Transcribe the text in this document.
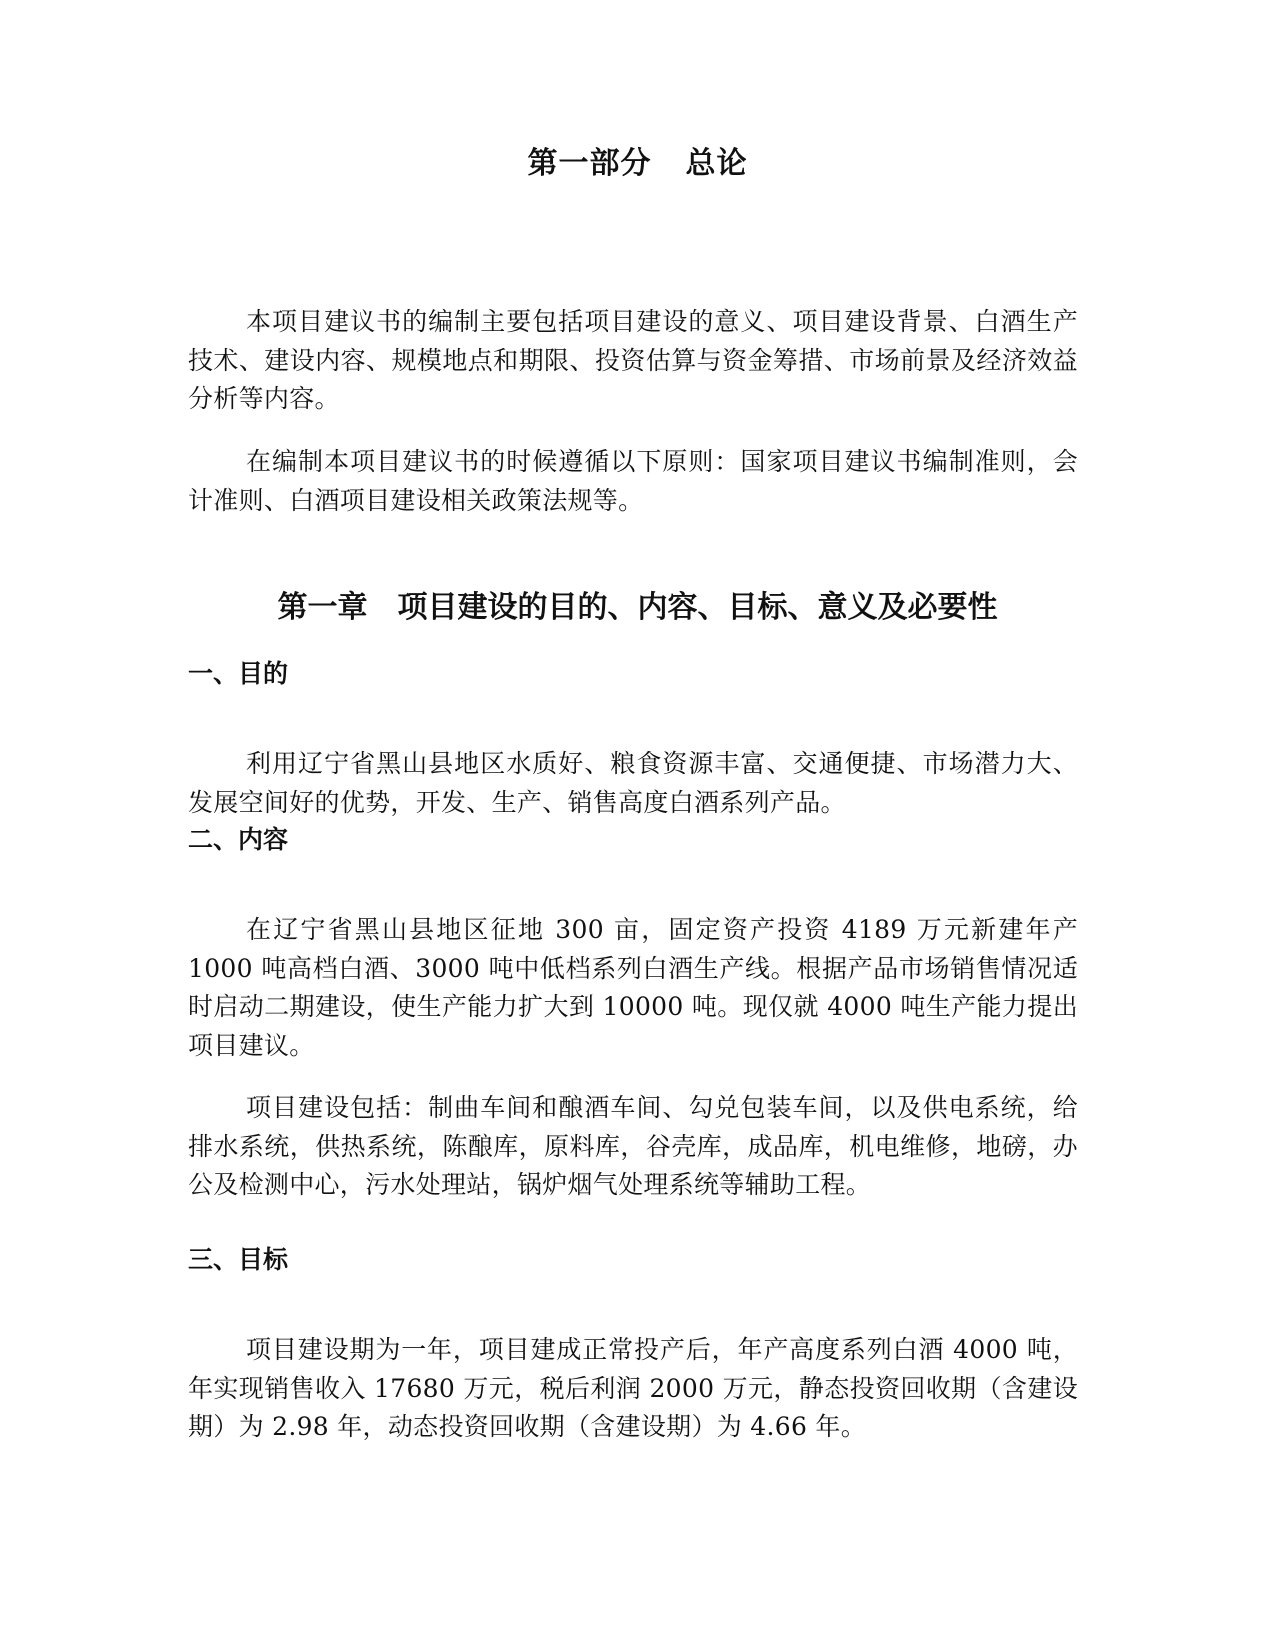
第一部分 总论

本项目建议书的编制主要包括项目建设的意义、项目建设背景、白酒生产技术、建设内容、规模地点和期限、投资估算与资金筹措、市场前景及经济效益分析等内容。

在编制本项目建议书的时候遵循以下原则：国家项目建议书编制准则，会计准则、白酒项目建设相关政策法规等。

第一章 项目建设的目的、内容、目标、意义及必要性
一、目的

利用辽宁省黑山县地区水质好、粮食资源丰富、交通便捷、市场潜力大、发展空间好的优势，开发、生产、销售高度白酒系列产品。

二、内容

在辽宁省黑山县地区征地 300 亩，固定资产投资 4189 万元新建年产 1000 吨高档白酒、3000 吨中低档系列白酒生产线。根据产品市场销售情况适时启动二期建设，使生产能力扩大到 10000 吨。现仅就 4000 吨生产能力提出项目建议。

项目建设包括：制曲车间和酿酒车间、勾兑包装车间，以及供电系统，给排水系统，供热系统，陈酿库，原料库，谷壳库，成品库，机电维修，地磅，办公及检测中心，污水处理站，锅炉烟气处理系统等辅助工程。

三、目标

项目建设期为一年，项目建成正常投产后，年产高度系列白酒 4000 吨，年实现销售收入 17680 万元，税后利润 2000 万元，静态投资回收期（含建设期）为 2.98 年，动态投资回收期（含建设期）为 4.66 年。
